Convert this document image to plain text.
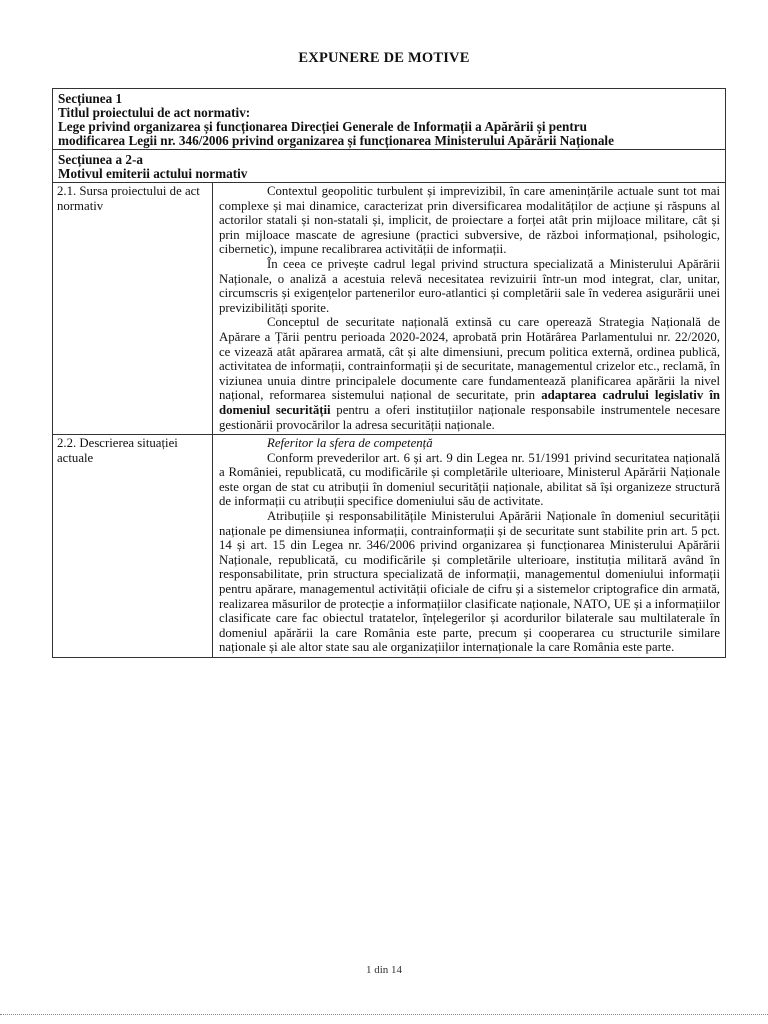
EXPUNERE DE MOTIVE
Secțiunea 1
Titlul proiectului de act normativ:
Lege privind organizarea și funcționarea Direcției Generale de Informații a Apărării și pentru
modificarea Legii nr. 346/2006 privind organizarea și funcționarea Ministerului Apărării Naționale	

Secțiunea a 2-a
Motivul emiterii actului normativ	

2.1. Sursa proiectului de act normativ	Contextul geopolitic turbulent și imprevizibil, în care amenințările actuale sunt tot mai complexe și mai dinamice, caracterizat prin diversificarea modalităților de acțiune și răspuns al actorilor statali și non-statali și, implicit, de proiectare a forței atât prin mijloace militare, cât și prin mijloace mascate de agresiune (practici subversive, de război informațional, psihologic, cibernetic), impune recalibrarea activității de informații.

În ceea ce privește cadrul legal privind structura specializată a Ministerului Apărării Naționale, o analiză a acestuia relevă necesitatea revizuirii într-un mod integrat, clar, unitar, circumscris și exigențelor partenerilor euro-atlantici și completării sale în vederea asigurării unei previzibilități sporite.

Conceptul de securitate națională extinsă cu care operează Strategia Națională de Apărare a Țării pentru perioada 2020-2024, aprobată prin Hotărârea Parlamentului nr. 22/2020, ce vizează atât apărarea armată, cât și alte dimensiuni, precum politica externă, ordinea publică, activitatea de informații, contrainformații și de securitate, managementul crizelor etc., reclamă, în viziunea unuia dintre principalele documente care fundamentează planificarea apărării la nivel național, reformarea sistemului național de securitate, prin adaptarea cadrului legislativ în domeniul securității pentru a oferi instituțiilor naționale responsabile instrumentele necesare gestionării provocărilor la adresa securității naționale.

2.2. Descrierea situației actuale	Referitor la sfera de competență

Conform prevederilor art. 6 și art. 9 din Legea nr. 51/1991 privind securitatea națională a României, republicată, cu modificările și completările ulterioare, Ministerul Apărării Naționale este organ de stat cu atribuții în domeniul securității naționale, abilitat să își organizeze structură de informații cu atribuții specifice domeniului său de activitate.

Atribuțiile și responsabilitățile Ministerului Apărării Naționale în domeniul securității naționale pe dimensiunea informații, contrainformații și de securitate sunt stabilite prin art. 5 pct. 14 și art. 15 din Legea nr. 346/2006 privind organizarea și funcționarea Ministerului Apărării Naționale, republicată, cu modificările și completările ulterioare, instituția militară având în responsabilitate, prin structura specializată de informații, managementul domeniului informații pentru apărare, managementul activității oficiale de cifru și a sistemelor criptografice din armată, realizarea măsurilor de protecție a informațiilor clasificate naționale, NATO, UE și a informațiilor clasificate care fac obiectul tratatelor, înțelegerilor și acordurilor bilaterale sau multilaterale în domeniul apărării la care România este parte, precum și cooperarea cu structurile similare naționale și ale altor state sau ale organizațiilor internaționale la care România este parte.

1 din 14
